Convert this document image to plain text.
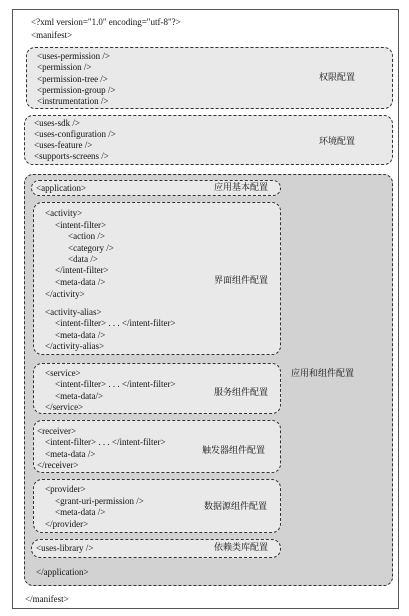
<?xml version="1.0" encoding="utf-8"?>

<manifest>

<uses-permission />

<permission />

<permission-tree />

<permission-group />

<instrumentation />

权限配置

<uses-sdk />

<uses-configuration />

<uses-feature />

<supports-screens />

环境配置

应用和组件配置

<application>	应用基本配置

<activity>

<intent-filter>

<action />

<category />

<data />

</intent-filter>

<meta-data />

</activity>

<activity-alias>

<intent-filter> . . . </intent-filter>

<meta-data />

</activity-alias>

界面组件配置

<service>

<intent-filter> . . . </intent-filter>

<meta-data/>

</service>

服务组件配置

<receiver>

<intent-filter> . . . </intent-filter>

<meta-data />

</receiver>

触发器组件配置

<provider>

<grant-uri-permission />

<meta-data />

</provider>

数据源组件配置

<uses-library />	依赖类库配置

</application>

</manifest>
